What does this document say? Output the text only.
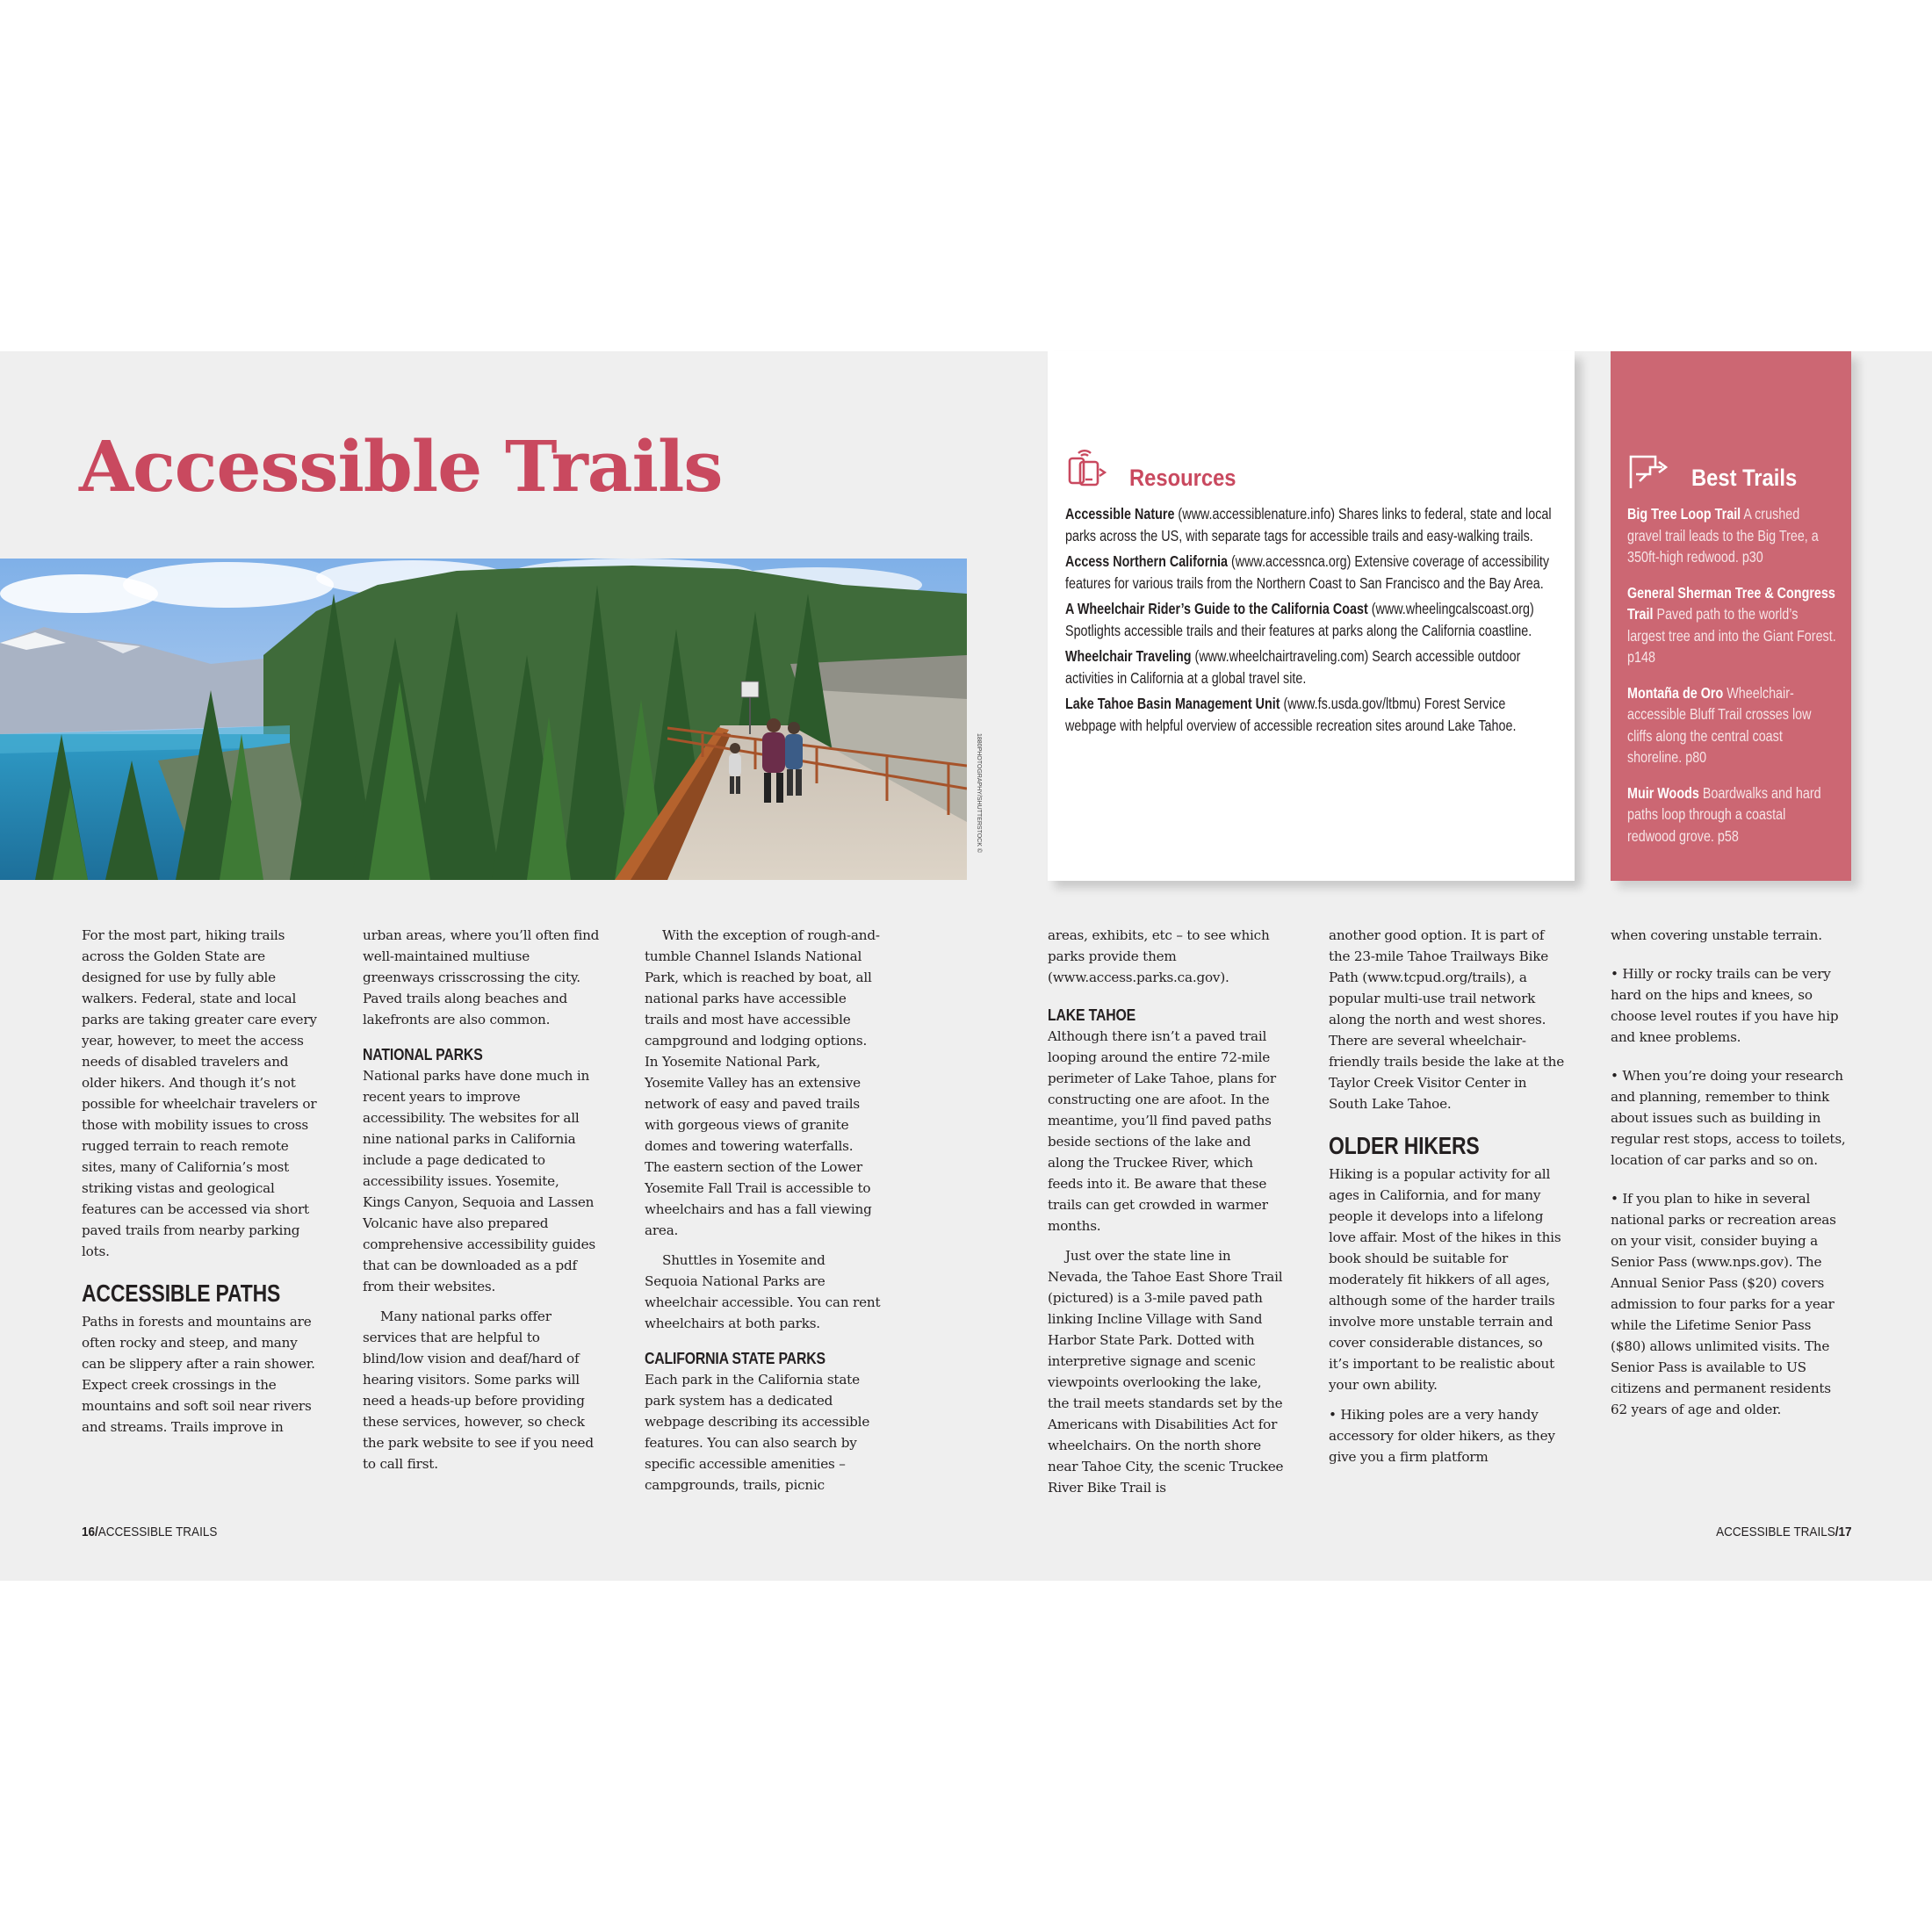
Accessible Trails
1880PHOTOGRAPHY/SHUTTERSTOCK ©
Resources

Accessible Nature (www.accessiblenature.info) Shares links to federal, state and local parks across the US, with separate tags for accessible trails and easy-walking trails.

Access Northern California (www.accessnca.org) Extensive coverage of accessibility features for various trails from the Northern Coast to San Francisco and the Bay Area.

A Wheelchair Rider’s Guide to the California Coast (www.wheelingcalscoast.org) Spotlights accessible trails and their features at parks along the California coastline.

Wheelchair Traveling (www.wheelchairtraveling.com) Search accessible outdoor activities in California at a global travel site.

Lake Tahoe Basin Management Unit (www.fs.usda.gov/ltbmu) Forest Service webpage with helpful overview of accessible recreation sites around Lake Tahoe.

Best Trails

Big Tree Loop Trail A crushed gravel trail leads to the Big Tree, a 350ft-high redwood. p30

General Sherman Tree & Congress Trail Paved path to the world’s largest tree and into the Giant Forest. p148

Montaña de Oro Wheelchair-accessible Bluff Trail crosses low cliffs along the central coast shoreline. p80

Muir Woods Boardwalks and hard paths loop through a coastal redwood grove. p58

For the most part, hiking trails across the Golden State are designed for use by fully able walkers. Federal, state and local parks are taking greater care every year, however, to meet the access needs of disabled travelers and older hikers. And though it’s not possible for wheelchair travelers or those with mobility issues to cross rugged terrain to reach remote sites, many of California’s most striking vistas and geological features can be accessed via short paved trails from nearby parking lots.

ACCESSIBLE PATHS

Paths in forests and mountains are often rocky and steep, and many can be slippery after a rain shower. Expect creek crossings in the mountains and soft soil near rivers and streams. Trails improve in

urban areas, where you’ll often find well-maintained multiuse greenways crisscrossing the city. Paved trails along beaches and lakefronts are also common.

NATIONAL PARKS

National parks have done much in recent years to improve accessibility. The websites for all nine national parks in California include a page dedicated to accessibility issues. Yosemite, Kings Canyon, Sequoia and Lassen Volcanic have also prepared comprehensive accessibility guides that can be downloaded as a pdf from their websites.

Many national parks offer services that are helpful to blind/low vision and deaf/hard of hearing visitors. Some parks will need a heads-up before providing these services, however, so check the park website to see if you need to call first.

With the exception of rough-and-tumble Channel Islands National Park, which is reached by boat, all national parks have accessible trails and most have accessible campground and lodging options. In Yosemite National Park, Yosemite Valley has an extensive network of easy and paved trails with gorgeous views of granite domes and towering waterfalls. The eastern section of the Lower Yosemite Fall Trail is accessible to wheelchairs and has a fall viewing area.

Shuttles in Yosemite and Sequoia National Parks are wheelchair accessible. You can rent wheelchairs at both parks.

CALIFORNIA STATE PARKS

Each park in the California state park system has a dedicated webpage describing its accessible features. You can also search by specific accessible amenities – campgrounds, trails, picnic

areas, exhibits, etc – to see which parks provide them (www.access.parks.ca.gov).

LAKE TAHOE

Although there isn’t a paved trail looping around the entire 72-mile perimeter of Lake Tahoe, plans for constructing one are afoot. In the meantime, you’ll find paved paths beside sections of the lake and along the Truckee River, which feeds into it. Be aware that these trails can get crowded in warmer months.

Just over the state line in Nevada, the Tahoe East Shore Trail (pictured) is a 3-mile paved path linking Incline Village with Sand Harbor State Park. Dotted with interpretive signage and scenic viewpoints overlooking the lake, the trail meets standards set by the Americans with Disabilities Act for wheelchairs. On the north shore near Tahoe City, the scenic Truckee River Bike Trail is

another good option. It is part of the 23-mile Tahoe Trailways Bike Path (www.tcpud.org/trails), a popular multi-use trail network along the north and west shores. There are several wheelchair-friendly trails beside the lake at the Taylor Creek Visitor Center in South Lake Tahoe.

OLDER HIKERS

Hiking is a popular activity for all ages in California, and for many people it develops into a lifelong love affair. Most of the hikes in this book should be suitable for moderately fit hikkers of all ages, although some of the harder trails involve more unstable terrain and cover considerable distances, so it’s important to be realistic about your own ability.

• Hiking poles are a very handy accessory for older hikers, as they give you a firm platform

when covering unstable terrain.

• Hilly or rocky trails can be very hard on the hips and knees, so choose level routes if you have hip and knee problems.

• When you’re doing your research and planning, remember to think about issues such as building in regular rest stops, access to toilets, location of car parks and so on.

• If you plan to hike in several national parks or recreation areas on your visit, consider buying a Senior Pass (www.nps.gov). The Annual Senior Pass ($20) covers admission to four parks for a year while the Lifetime Senior Pass ($80) allows unlimited visits. The Senior Pass is available to US citizens and permanent residents 62 years of age and older.

16/ACCESSIBLE TRAILS	ACCESSIBLE TRAILS/17
